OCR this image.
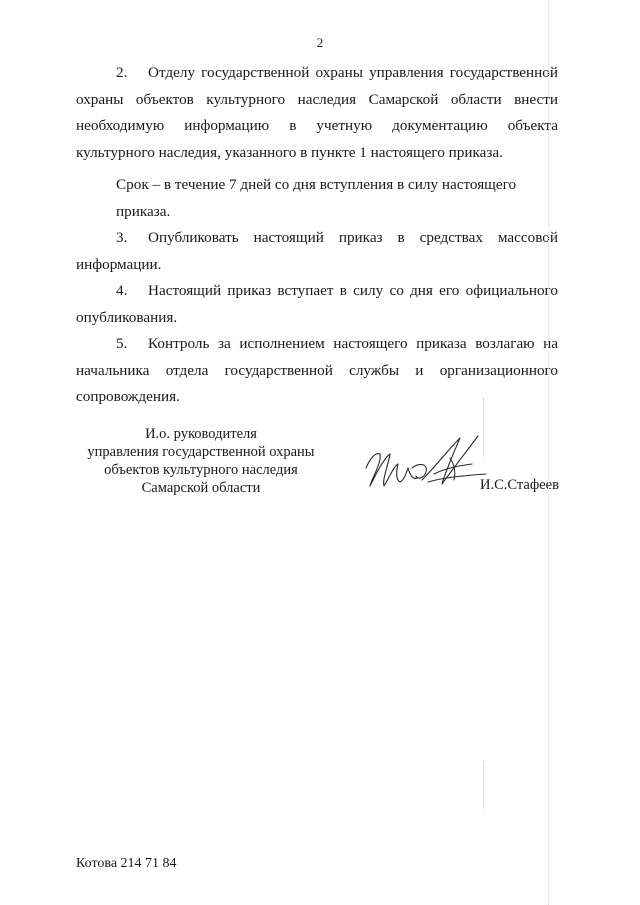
2

2. Отделу государственной охраны управления государственной охраны объектов культурного наследия Самарской области внести необходимую информацию в учетную документацию объекта культурного наследия, указанного в пункте 1 настоящего приказа.

Срок – в течение 7 дней со дня вступления в силу настоящего
приказа.

3. Опубликовать настоящий приказ в средствах массовой информации.

4. Настоящий приказ вступает в силу со дня его официального опубликования.

5. Контроль за исполнением настоящего приказа возлагаю на начальника отдела государственной службы и организационного сопровождения.

И.о. руководителя
управления государственной охраны
объектов культурного наследия
Самарской области	И.С.Стафеев
Котова 214 71 84
